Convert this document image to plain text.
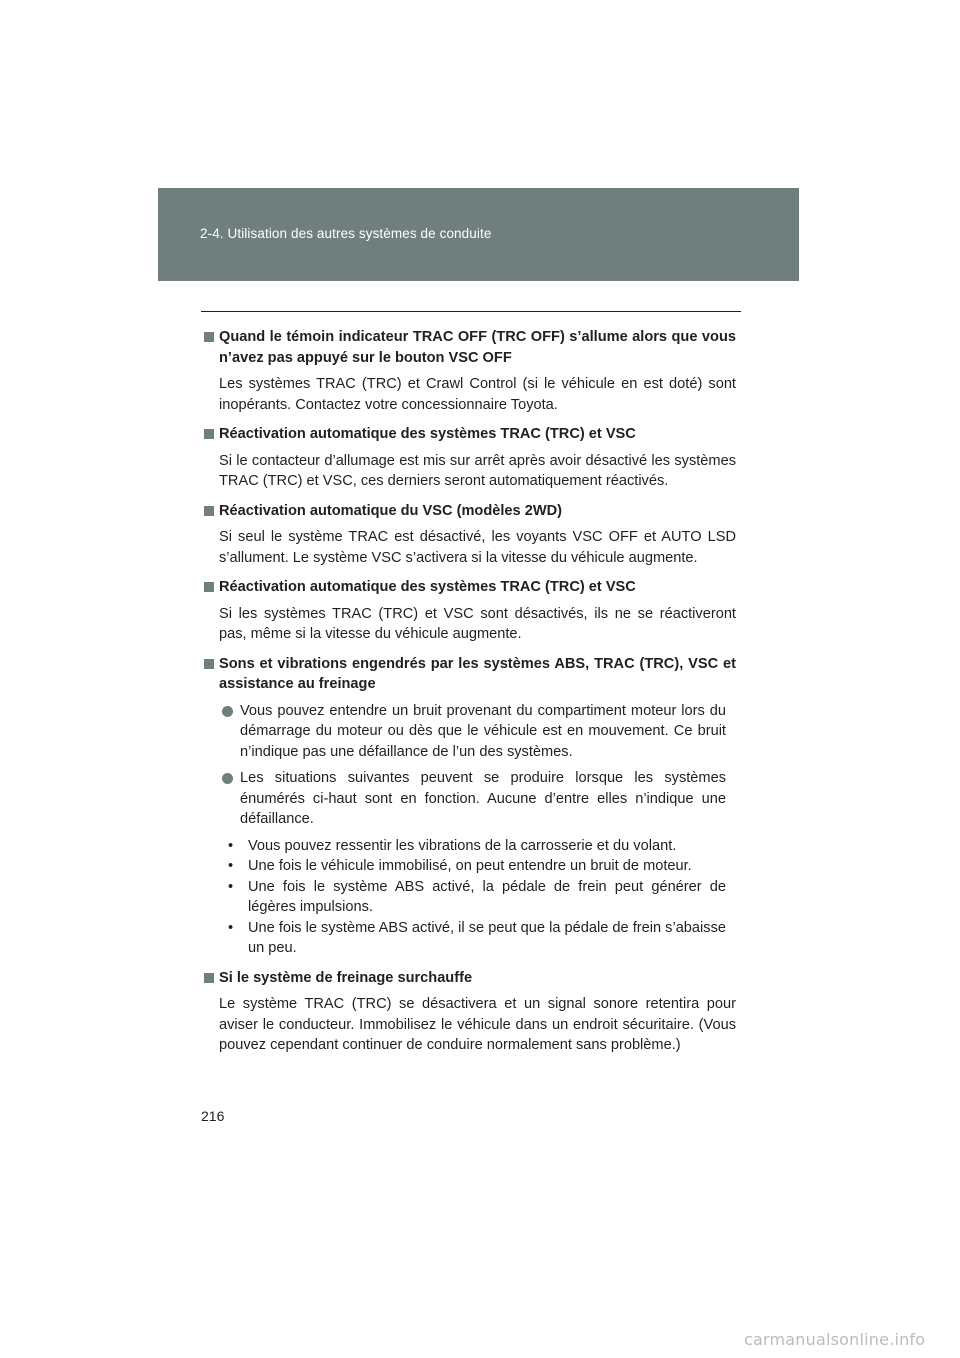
2-4. Utilisation des autres systèmes de conduite
Quand le témoin indicateur TRAC OFF (TRC OFF) s’allume alors que vous n’avez pas appuyé sur le bouton VSC OFF
Les systèmes TRAC (TRC) et Crawl Control (si le véhicule en est doté) sont inopérants. Contactez votre concessionnaire Toyota.
Réactivation automatique des systèmes TRAC (TRC) et VSC
Si le contacteur d’allumage est mis sur arrêt après avoir désactivé les systèmes TRAC (TRC) et VSC, ces derniers seront automatiquement réactivés.
Réactivation automatique du VSC (modèles 2WD)
Si seul le système TRAC est désactivé, les voyants VSC OFF et AUTO LSD s’allument. Le système VSC s’activera si la vitesse du véhicule augmente.
Réactivation automatique des systèmes TRAC (TRC) et VSC
Si les systèmes TRAC (TRC) et VSC sont désactivés, ils ne se réactiveront pas, même si la vitesse du véhicule augmente.
Sons et vibrations engendrés par les systèmes ABS, TRAC (TRC), VSC et assistance au freinage
Vous pouvez entendre un bruit provenant du compartiment moteur lors du démarrage du moteur ou dès que le véhicule est en mouvement. Ce bruit n’indique pas une défaillance de l’un des systèmes.
Les situations suivantes peuvent se produire lorsque les systèmes énumérés ci-haut sont en fonction. Aucune d’entre elles n’indique une défaillance.
• Vous pouvez ressentir les vibrations de la carrosserie et du volant.
• Une fois le véhicule immobilisé, on peut entendre un bruit de moteur.
• Une fois le système ABS activé, la pédale de frein peut générer de légères impulsions.
• Une fois le système ABS activé, il se peut que la pédale de frein s’abaisse un peu.
Si le système de freinage surchauffe
Le système TRAC (TRC) se désactivera et un signal sonore retentira pour aviser le conducteur. Immobilisez le véhicule dans un endroit sécuritaire. (Vous pouvez cependant continuer de conduire normalement sans problème.)
216
carmanualsonline.info
